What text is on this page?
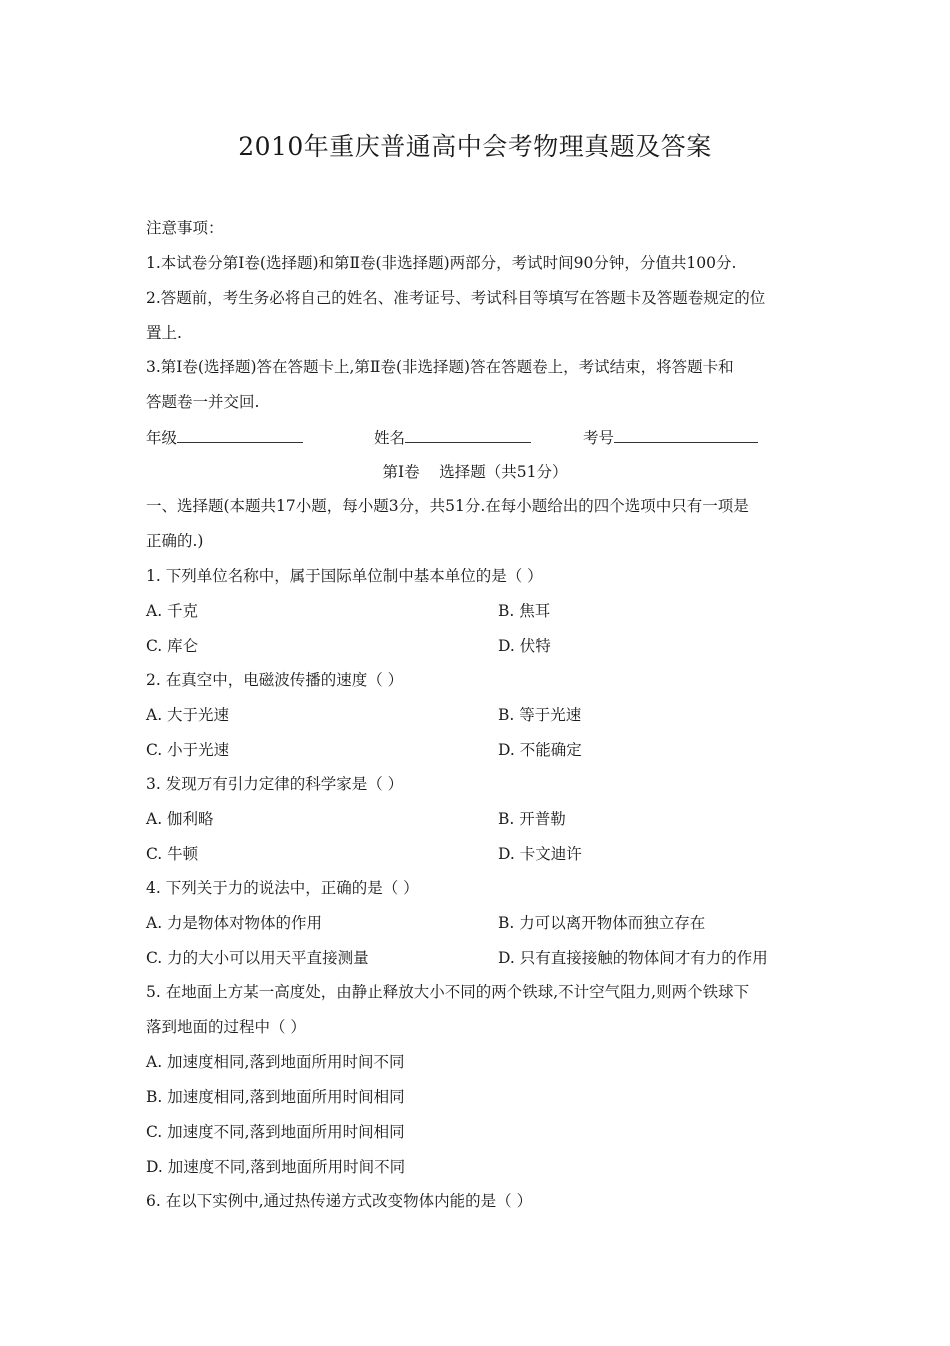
2010年重庆普通高中会考物理真题及答案
注意事项：
1.本试卷分第Ⅰ卷(选择题)和第Ⅱ卷(非选择题)两部分，考试时间90分钟，分值共100分.
2.答题前，考生务必将自己的姓名、准考证号、考试科目等填写在答题卡及答题卷规定的位
置上.
3.第Ⅰ卷(选择题)答在答题卡上,第Ⅱ卷(非选择题)答在答题卷上，考试结束，将答题卡和
答题卷一并交回.
年级	姓名	考号
第Ⅰ卷    选择题（共51分）
一、选择题(本题共17小题，每小题3分，共51分.在每小题给出的四个选项中只有一项是
正确的.)
1. 下列单位名称中，属于国际单位制中基本单位的是（ ）
A. 千克	B. 焦耳
C. 库仑	D. 伏特
2. 在真空中，电磁波传播的速度（ ）
A. 大于光速	B. 等于光速
C. 小于光速	D. 不能确定
3. 发现万有引力定律的科学家是（ ）
A. 伽利略	B. 开普勒
C. 牛顿	D. 卡文迪许
4. 下列关于力的说法中，正确的是（ ）
A. 力是物体对物体的作用	B. 力可以离开物体而独立存在
C. 力的大小可以用天平直接测量	D. 只有直接接触的物体间才有力的作用
5. 在地面上方某一高度处，由静止释放大小不同的两个铁球,不计空气阻力,则两个铁球下
落到地面的过程中（ ）
A. 加速度相同,落到地面所用时间不同
B. 加速度相同,落到地面所用时间相同
C. 加速度不同,落到地面所用时间相同
D. 加速度不同,落到地面所用时间不同
6. 在以下实例中,通过热传递方式改变物体内能的是（ ）
